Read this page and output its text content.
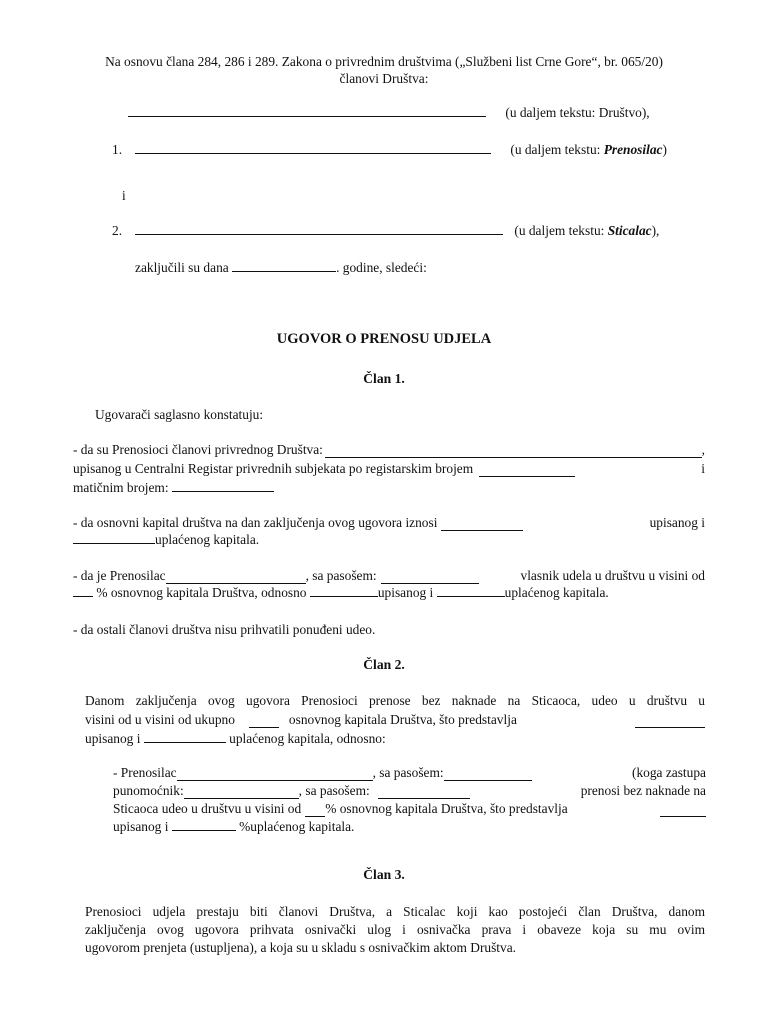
Na osnovu člana 284, 286 i 289. Zakona o privrednim društvima („Službeni list Crne Gore“, br. 065/20)
članovi Društva:
(u daljem tekstu: Društvo),
1.	(u daljem tekstu: Prenosilac)
i
2.	(u daljem tekstu: Sticalac),
zaključili su dana	. godine, sledeći:
UGOVOR O PRENOSU UDJELA
Član 1.
Ugovarači saglasno konstatuju:
- da su Prenosioci članovi privrednog Društva:	,
upisanog u Centralni Registar privrednih subjekata po registarskim brojem	i
matičnim brojem:
- da osnovni kapital društva na dan zaključenja ovog ugovora iznosi	upisanog i
uplaćenog kapitala.
- da je Prenosilac	, sa pasošem:	vlasnik udela u društvu u visini od
% osnovnog kapitala Društva, odnosno	upisanog i	uplaćenog kapitala.
- da ostali članovi društva nisu prihvatili ponuđeni udeo.
Član 2.
Danom zaključenja ovog ugovora Prenosioci prenose bez naknade na Sticaoca, udeo u društvu u
visini od u visini od ukupno	osnovnog kapitala Društva, što predstavlja
upisanog i	uplaćenog kapitala, odnosno:
- Prenosilac	, sa pasošem:	(koga zastupa
punomoćnik:	, sa pasošem:	prenosi bez naknade na
Sticaoca udeo u društvu u visini od % osnovnog kapitala Društva, što predstavlja
upisanog i	%uplaćenog kapitala.
Član 3.
Prenosioci udjela prestaju biti članovi Društva, a Sticalac koji kao postojeći član Društva, danom
zaključenja ovog ugovora prihvata osnivački ulog i osnivačka prava i obaveze koja su mu ovim
ugovorom prenjeta (ustupljena), a koja su u skladu s osnivačkim aktom Društva.
